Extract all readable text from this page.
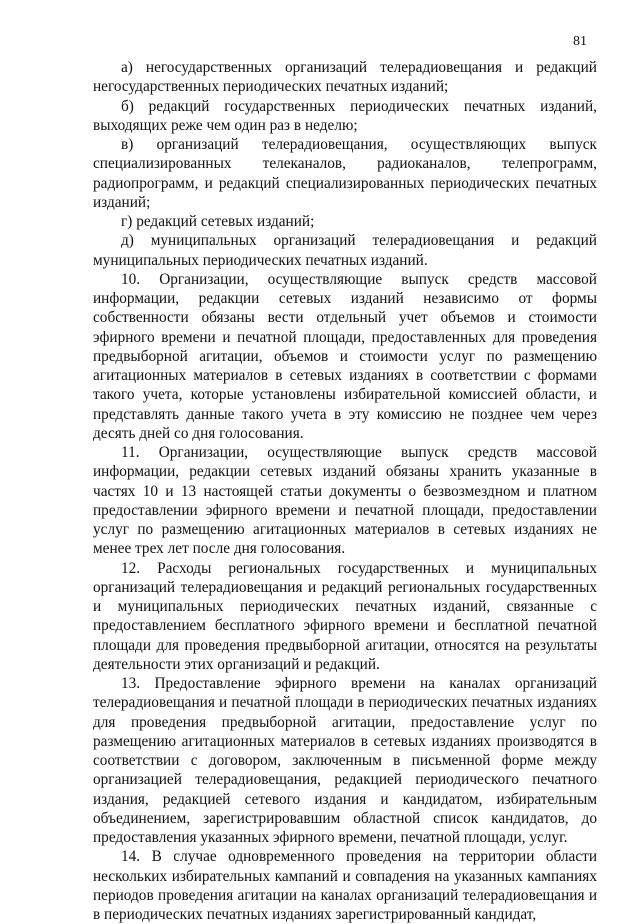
81

а) негосударственных организаций телерадиовещания и редакций негосударственных периодических печатных изданий;

б) редакций государственных периодических печатных изданий, выходящих реже чем один раз в неделю;

в) организаций телерадиовещания, осуществляющих выпуск специализированных телеканалов, радиоканалов, телепрограмм, радиопрограмм, и редакций специализированных периодических печатных изданий;

г) редакций сетевых изданий;

д) муниципальных организаций телерадиовещания и редакций муниципальных периодических печатных изданий.

10. Организации, осуществляющие выпуск средств массовой информации, редакции сетевых изданий независимо от формы собственности обязаны вести отдельный учет объемов и стоимости эфирного времени и печатной площади, предоставленных для проведения предвыборной агитации, объемов и стоимости услуг по размещению агитационных материалов в сетевых изданиях в соответствии с формами такого учета, которые установлены избирательной комиссией области, и представлять данные такого учета в эту комиссию не позднее чем через десять дней со дня голосования.

11. Организации, осуществляющие выпуск средств массовой информации, редакции сетевых изданий обязаны хранить указанные в частях 10 и 13 настоящей статьи документы о безвозмездном и платном предоставлении эфирного времени и печатной площади, предоставлении услуг по размещению агитационных материалов в сетевых изданиях не менее трех лет после дня голосования.

12. Расходы региональных государственных и муниципальных организаций телерадиовещания и редакций региональных государственных и муниципальных периодических печатных изданий, связанные с предоставлением бесплатного эфирного времени и бесплатной печатной площади для проведения предвыборной агитации, относятся на результаты деятельности этих организаций и редакций.

13. Предоставление эфирного времени на каналах организаций телерадиовещания и печатной площади в периодических печатных изданиях для проведения предвыборной агитации, предоставление услуг по размещению агитационных материалов в сетевых изданиях производятся в соответствии с договором, заключенным в письменной форме между организацией телерадиовещания, редакцией периодического печатного издания, редакцией сетевого издания и кандидатом, избирательным объединением, зарегистрировавшим областной список кандидатов, до предоставления указанных эфирного времени, печатной площади, услуг.

14. В случае одновременного проведения на территории области нескольких избирательных кампаний и совпадения на указанных кампаниях периодов проведения агитации на каналах организаций телерадиовещания и в периодических печатных изданиях зарегистрированный кандидат,
